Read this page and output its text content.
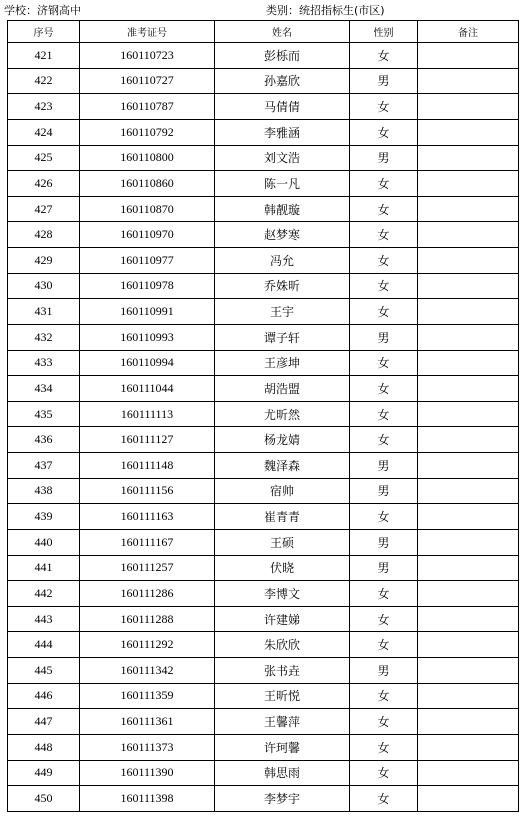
学校：济钢高中	类别：统招指标生(市区)
序号	准考证号	姓名	性别	备注
421	160110723	彭栎而	女	
422	160110727	孙嘉欣	男	
423	160110787	马倩倩	女	
424	160110792	李雅涵	女	
425	160110800	刘文浩	男	
426	160110860	陈一凡	女	
427	160110870	韩靓璇	女	
428	160110970	赵梦寒	女	
429	160110977	冯允	女	
430	160110978	乔姝昕	女	
431	160110991	王宇	女	
432	160110993	谭子轩	男	
433	160110994	王彦坤	女	
434	160111044	胡浩盟	女	
435	160111113	尤昕然	女	
436	160111127	杨龙婧	女	
437	160111148	魏泽森	男	
438	160111156	宿帅	男	
439	160111163	崔青青	女	
440	160111167	王硕	男	
441	160111257	伏晓	男	
442	160111286	李博文	女	
443	160111288	许建娣	女	
444	160111292	朱欣欣	女	
445	160111342	张书垚	男	
446	160111359	王昕悦	女	
447	160111361	王馨萍	女	
448	160111373	许珂馨	女	
449	160111390	韩思雨	女	
450	160111398	李梦宇	女	
